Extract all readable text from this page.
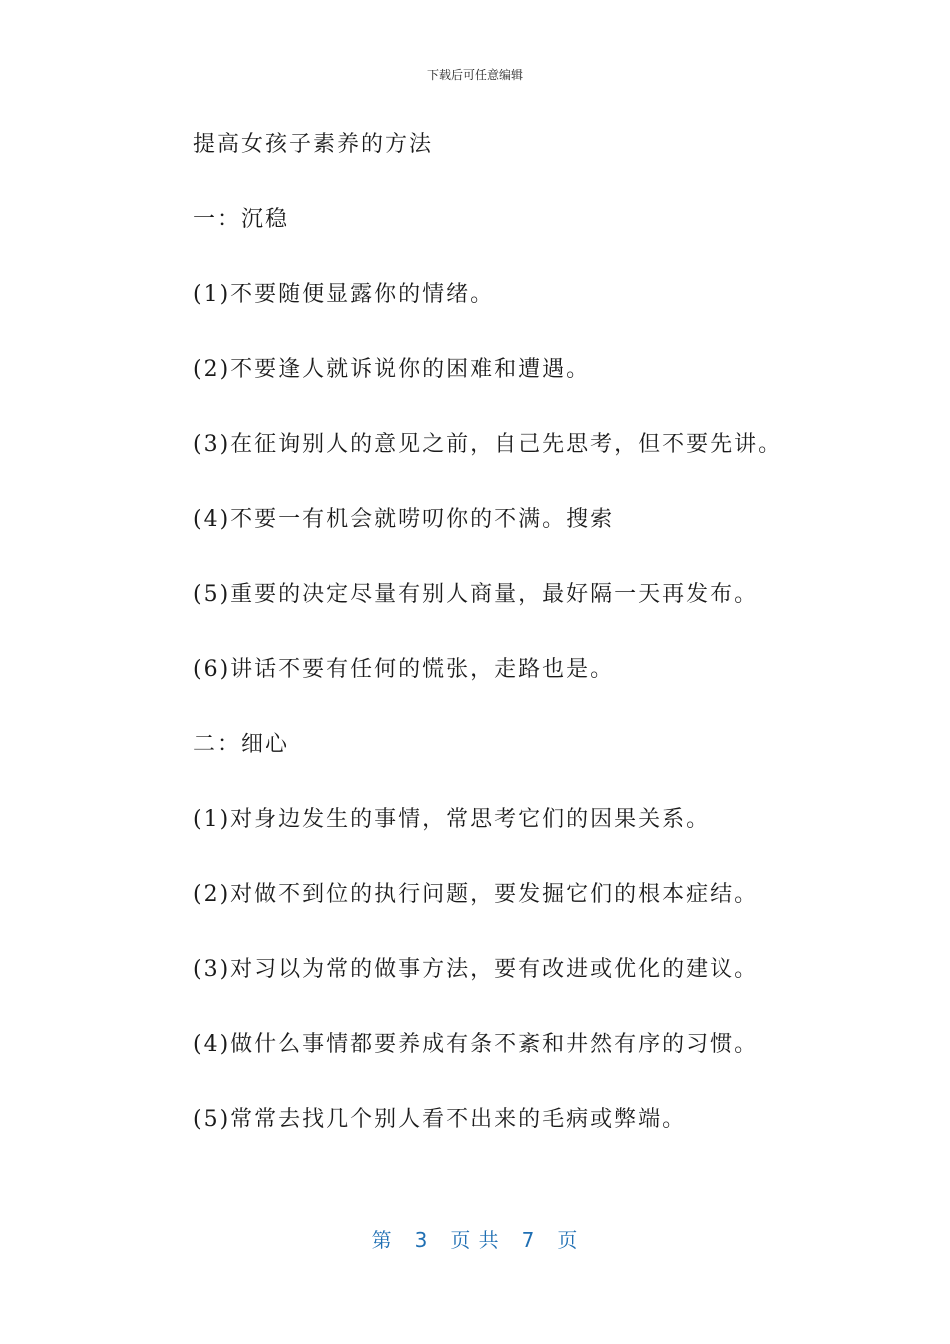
下载后可任意编辑
提高女孩子素养的方法
一：沉稳
(1)不要随便显露你的情绪。
(2)不要逢人就诉说你的困难和遭遇。
(3)在征询别人的意见之前，自己先思考，但不要先讲。
(4)不要一有机会就唠叨你的不满。搜索
(5)重要的决定尽量有别人商量，最好隔一天再发布。
(6)讲话不要有任何的慌张，走路也是。
二：细心
(1)对身边发生的事情，常思考它们的因果关系。
(2)对做不到位的执行问题，要发掘它们的根本症结。
(3)对习以为常的做事方法，要有改进或优化的建议。
(4)做什么事情都要养成有条不紊和井然有序的习惯。
(5)常常去找几个别人看不出来的毛病或弊端。
第 3 页 共 7 页
